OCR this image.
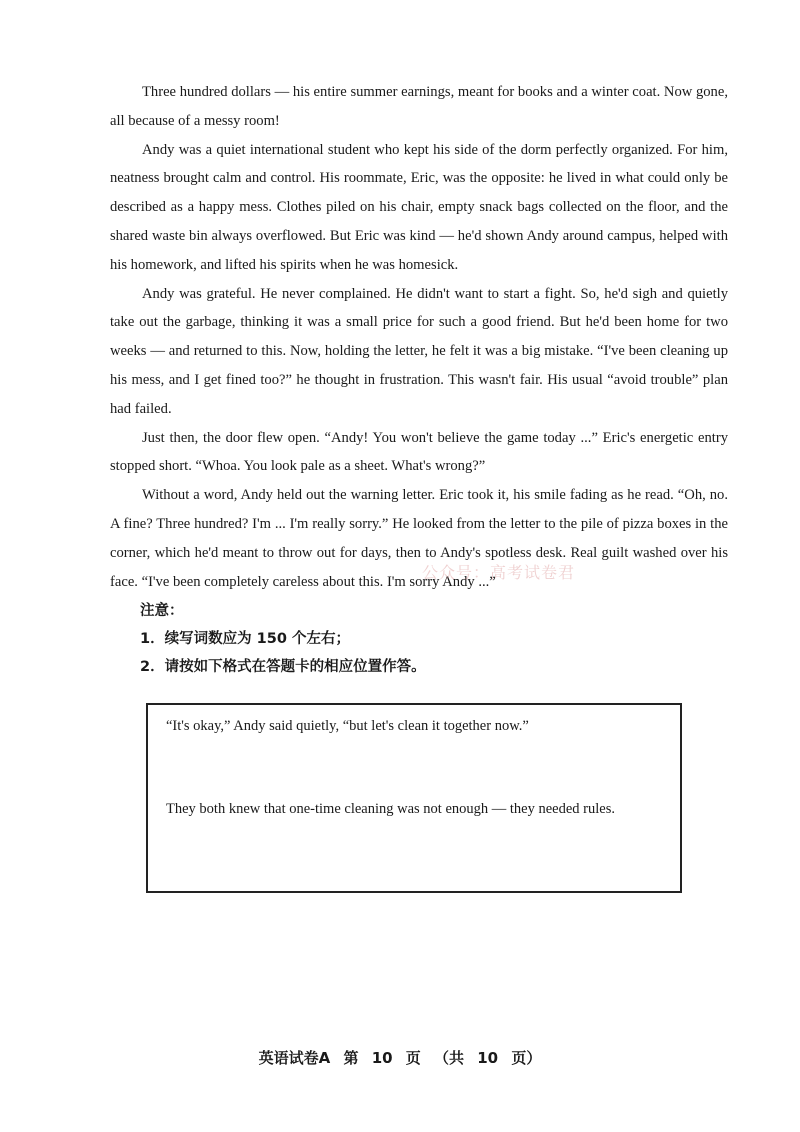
Three hundred dollars — his entire summer earnings, meant for books and a winter coat. Now gone, all because of a messy room!

Andy was a quiet international student who kept his side of the dorm perfectly organized. For him, neatness brought calm and control. His roommate, Eric, was the opposite: he lived in what could only be described as a happy mess. Clothes piled on his chair, empty snack bags collected on the floor, and the shared waste bin always overflowed. But Eric was kind — he'd shown Andy around campus, helped with his homework, and lifted his spirits when he was homesick.

Andy was grateful. He never complained. He didn't want to start a fight. So, he'd sigh and quietly take out the garbage, thinking it was a small price for such a good friend. But he'd been home for two weeks — and returned to this. Now, holding the letter, he felt it was a big mistake. “I've been cleaning up his mess, and I get fined too?” he thought in frustration. This wasn't fair. His usual “avoid trouble” plan had failed.

Just then, the door flew open. “Andy! You won't believe the game today ...” Eric's energetic entry stopped short. “Whoa. You look pale as a sheet. What's wrong?”

Without a word, Andy held out the warning letter. Eric took it, his smile fading as he read. “Oh, no. A fine? Three hundred? I'm ... I'm really sorry.” He looked from the letter to the pile of pizza boxes in the corner, which he'd meant to throw out for days, then to Andy's spotless desk. Real guilt washed over his face. “I've been completely careless about this. I'm sorry Andy ...”

公众号：高考试卷君
注意：
1．续写词数应为 150 个左右；
2．请按如下格式在答题卡的相应位置作答。
“It's okay,” Andy said quietly, “but let's clean it together now.”
They both knew that one-time cleaning was not enough — they needed rules.
英语试卷A 第 10 页 （共 10 页）
